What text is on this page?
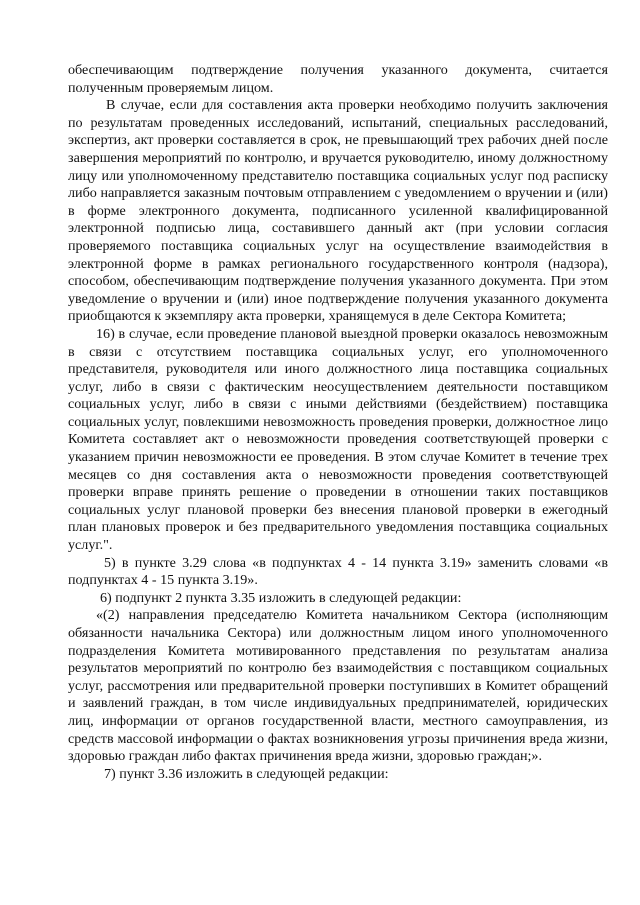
обеспечивающим подтверждение получения указанного документа, считается полученным проверяемым лицом.

В случае, если для составления акта проверки необходимо получить заключения по результатам проведенных исследований, испытаний, специальных расследований, экспертиз, акт проверки составляется в срок, не превышающий трех рабочих дней после завершения мероприятий по контролю, и вручается руководителю, иному должностному лицу или уполномоченному представителю поставщика социальных услуг под расписку либо направляется заказным почтовым отправлением с уведомлением о вручении и (или) в форме электронного документа, подписанного усиленной квалифицированной электронной подписью лица, составившего данный акт (при условии согласия проверяемого поставщика социальных услуг на осуществление взаимодействия в электронной форме в рамках регионального государственного контроля (надзора), способом, обеспечивающим подтверждение получения указанного документа. При этом уведомление о вручении и (или) иное подтверждение получения указанного документа приобщаются к экземпляру акта проверки, хранящемуся в деле Сектора Комитета;

16) в случае, если проведение плановой выездной проверки оказалось невозможным в связи с отсутствием поставщика социальных услуг, его уполномоченного представителя, руководителя или иного должностного лица поставщика социальных услуг, либо в связи с фактическим неосуществлением деятельности поставщиком социальных услуг, либо в связи с иными действиями (бездействием) поставщика социальных услуг, повлекшими невозможность проведения проверки, должностное лицо Комитета составляет акт о невозможности проведения соответствующей проверки с указанием причин невозможности ее проведения. В этом случае Комитет в течение трех месяцев со дня составления акта о невозможности проведения соответствующей проверки вправе принять решение о проведении в отношении таких поставщиков социальных услуг плановой проверки без внесения плановой проверки в ежегодный план плановых проверок и без предварительного уведомления поставщика социальных услуг.".

5) в пункте 3.29 слова «в подпунктах 4 - 14 пункта 3.19» заменить словами «в подпунктах 4 - 15 пункта 3.19».

6) подпункт 2 пункта 3.35 изложить в следующей редакции:

«(2) направления председателю Комитета начальником Сектора (исполняющим обязанности начальника Сектора) или должностным лицом иного уполномоченного подразделения Комитета мотивированного представления по результатам анализа результатов мероприятий по контролю без взаимодействия с поставщиком социальных услуг, рассмотрения или предварительной проверки поступивших в Комитет обращений и заявлений граждан, в том числе индивидуальных предпринимателей, юридических лиц, информации от органов государственной власти, местного самоуправления, из средств массовой информации о фактах возникновения угрозы причинения вреда жизни, здоровью граждан либо фактах причинения вреда жизни, здоровью граждан;».

7) пункт 3.36 изложить в следующей редакции:
